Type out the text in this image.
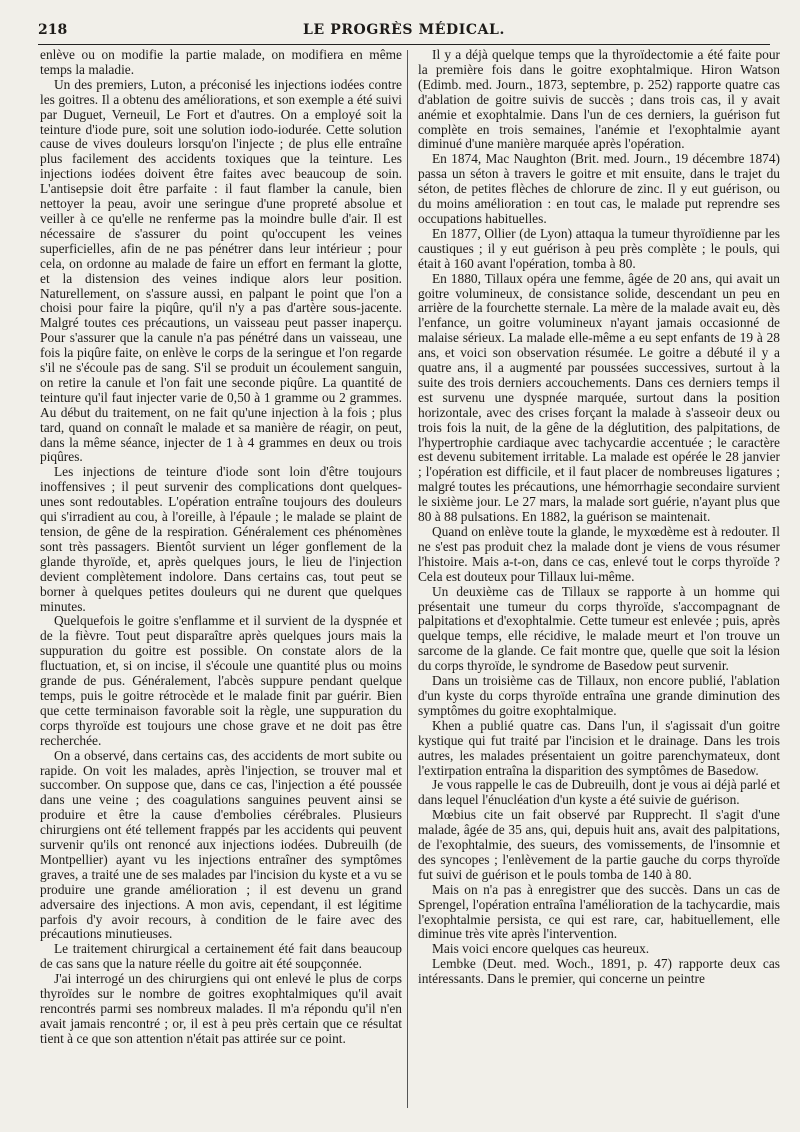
218	LE PROGRÈS MÉDICAL.

enlève ou on modifie la partie malade, on modifiera en même temps la maladie.

Un des premiers, Luton, a préconisé les injections iodées contre les goitres. Il a obtenu des améliorations, et son exemple a été suivi par Duguet, Verneuil, Le Fort et d'autres. On a employé soit la teinture d'iode pure, soit une solution iodo-iodurée. Cette solution cause de vives douleurs lorsqu'on l'injecte ; de plus elle entraîne plus facilement des accidents toxiques que la teinture. Les injections iodées doivent être faites avec beaucoup de soin. L'antisepsie doit être parfaite : il faut flamber la canule, bien nettoyer la peau, avoir une seringue d'une propreté absolue et veiller à ce qu'elle ne renferme pas la moindre bulle d'air. Il est nécessaire de s'assurer du point qu'occupent les veines superficielles, afin de ne pas pénétrer dans leur intérieur ; pour cela, on ordonne au malade de faire un effort en fermant la glotte, et la distension des veines indique alors leur position. Naturellement, on s'assure aussi, en palpant le point que l'on a choisi pour faire la piqûre, qu'il n'y a pas d'artère sous-jacente. Malgré toutes ces précautions, un vaisseau peut passer inaperçu. Pour s'assurer que la canule n'a pas pénétré dans un vaisseau, une fois la piqûre faite, on enlève le corps de la seringue et l'on regarde s'il ne s'écoule pas de sang. S'il se produit un écoulement sanguin, on retire la canule et l'on fait une seconde piqûre. La quantité de teinture qu'il faut injecter varie de 0,50 à 1 gramme ou 2 grammes. Au début du traitement, on ne fait qu'une injection à la fois ; plus tard, quand on connaît le malade et sa manière de réagir, on peut, dans la même séance, injecter de 1 à 4 grammes en deux ou trois piqûres.

Les injections de teinture d'iode sont loin d'être toujours inoffensives ; il peut survenir des complications dont quelques-unes sont redoutables. L'opération entraîne toujours des douleurs qui s'irradient au cou, à l'oreille, à l'épaule ; le malade se plaint de tension, de gêne de la respiration. Généralement ces phénomènes sont très passagers. Bientôt survient un léger gonflement de la glande thyroïde, et, après quelques jours, le lieu de l'injection devient complètement indolore. Dans certains cas, tout peut se borner à quelques petites douleurs qui ne durent que quelques minutes.

Quelquefois le goitre s'enflamme et il survient de la dyspnée et de la fièvre. Tout peut disparaître après quelques jours mais la suppuration du goitre est possible. On constate alors de la fluctuation, et, si on incise, il s'écoule une quantité plus ou moins grande de pus. Généralement, l'abcès suppure pendant quelque temps, puis le goitre rétrocède et le malade finit par guérir. Bien que cette terminaison favorable soit la règle, une suppuration du corps thyroïde est toujours une chose grave et ne doit pas être recherchée.

On a observé, dans certains cas, des accidents de mort subite ou rapide. On voit les malades, après l'injection, se trouver mal et succomber. On suppose que, dans ce cas, l'injection a été poussée dans une veine ; des coagulations sanguines peuvent ainsi se produire et être la cause d'embolies cérébrales. Plusieurs chirurgiens ont été tellement frappés par les accidents qui peuvent survenir qu'ils ont renoncé aux injections iodées. Dubreuilh (de Montpellier) ayant vu les injections entraîner des symptômes graves, a traité une de ses malades par l'incision du kyste et a vu se produire une grande amélioration ; il est devenu un grand adversaire des injections. A mon avis, cependant, il est légitime parfois d'y avoir recours, à condition de le faire avec des précautions minutieuses.

Le traitement chirurgical a certainement été fait dans beaucoup de cas sans que la nature réelle du goitre ait été soupçonnée.

J'ai interrogé un des chirurgiens qui ont enlevé le plus de corps thyroïdes sur le nombre de goitres exophtalmiques qu'il avait rencontrés parmi ses nombreux malades. Il m'a répondu qu'il n'en avait jamais rencontré ; or, il est à peu près certain que ce résultat tient à ce que son attention n'était pas attirée sur ce point.

Il y a déjà quelque temps que la thyroïdectomie a été faite pour la première fois dans le goitre exophtalmique. Hiron Watson (Edimb. med. Journ., 1873, septembre, p. 252) rapporte quatre cas d'ablation de goitre suivis de succès ; dans trois cas, il y avait anémie et exophtalmie. Dans l'un de ces derniers, la guérison fut complète en trois semaines, l'anémie et l'exophtalmie ayant diminué d'une manière marquée après l'opération.

En 1874, Mac Naughton (Brit. med. Journ., 19 décembre 1874) passa un séton à travers le goitre et mit ensuite, dans le trajet du séton, de petites flèches de chlorure de zinc. Il y eut guérison, ou du moins amélioration : en tout cas, le malade put reprendre ses occupations habituelles.

En 1877, Ollier (de Lyon) attaqua la tumeur thyroïdienne par les caustiques ; il y eut guérison à peu près complète ; le pouls, qui était à 160 avant l'opération, tomba à 80.

En 1880, Tillaux opéra une femme, âgée de 20 ans, qui avait un goitre volumineux, de consistance solide, descendant un peu en arrière de la fourchette sternale. La mère de la malade avait eu, dès l'enfance, un goitre volumineux n'ayant jamais occasionné de malaise sérieux. La malade elle-même a eu sept enfants de 19 à 28 ans, et voici son observation résumée. Le goitre a débuté il y a quatre ans, il a augmenté par poussées successives, surtout à la suite des trois derniers accouchements. Dans ces derniers temps il est survenu une dyspnée marquée, surtout dans la position horizontale, avec des crises forçant la malade à s'asseoir deux ou trois fois la nuit, de la gêne de la déglutition, des palpitations, de l'hypertrophie cardiaque avec tachycardie accentuée ; le caractère est devenu subitement irritable. La malade est opérée le 28 janvier ; l'opération est difficile, et il faut placer de nombreuses ligatures ; malgré toutes les précautions, une hémorrhagie secondaire survient le sixième jour. Le 27 mars, la malade sort guérie, n'ayant plus que 80 à 88 pulsations. En 1882, la guérison se maintenait.

Quand on enlève toute la glande, le myxœdème est à redouter. Il ne s'est pas produit chez la malade dont je viens de vous résumer l'histoire. Mais a-t-on, dans ce cas, enlevé tout le corps thyroïde ? Cela est douteux pour Tillaux lui-même.

Un deuxième cas de Tillaux se rapporte à un homme qui présentait une tumeur du corps thyroïde, s'accompagnant de palpitations et d'exophtalmie. Cette tumeur est enlevée ; puis, après quelque temps, elle récidive, le malade meurt et l'on trouve un sarcome de la glande. Ce fait montre que, quelle que soit la lésion du corps thyroïde, le syndrome de Basedow peut survenir.

Dans un troisième cas de Tillaux, non encore publié, l'ablation d'un kyste du corps thyroïde entraîna une grande diminution des symptômes du goitre exophtalmique.

Khen a publié quatre cas. Dans l'un, il s'agissait d'un goitre kystique qui fut traité par l'incision et le drainage. Dans les trois autres, les malades présentaient un goitre parenchymateux, dont l'extirpation entraîna la disparition des symptômes de Basedow.

Je vous rappelle le cas de Dubreuilh, dont je vous ai déjà parlé et dans lequel l'énucléation d'un kyste a été suivie de guérison.

Mœbius cite un fait observé par Rupprecht. Il s'agit d'une malade, âgée de 35 ans, qui, depuis huit ans, avait des palpitations, de l'exophtalmie, des sueurs, des vomissements, de l'insomnie et des syncopes ; l'enlèvement de la partie gauche du corps thyroïde fut suivi de guérison et le pouls tomba de 140 à 80.

Mais on n'a pas à enregistrer que des succès. Dans un cas de Sprengel, l'opération entraîna l'amélioration de la tachycardie, mais l'exophtalmie persista, ce qui est rare, car, habituellement, elle diminue très vite après l'intervention.

Mais voici encore quelques cas heureux.

Lembke (Deut. med. Woch., 1891, p. 47) rapporte deux cas intéressants. Dans le premier, qui concerne un peintre
